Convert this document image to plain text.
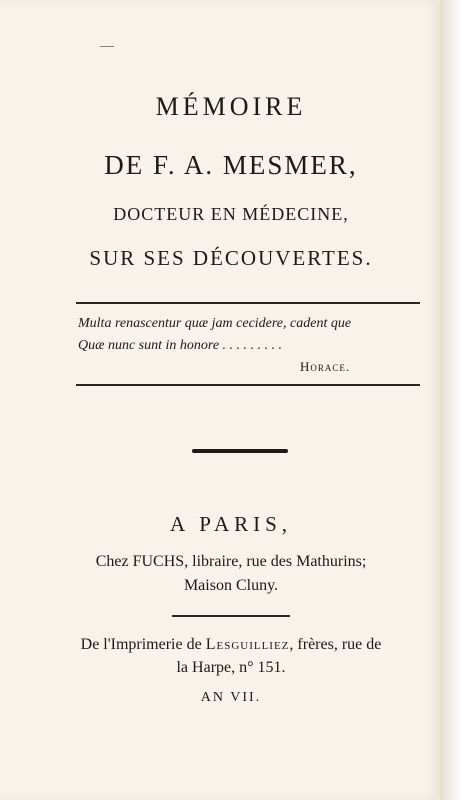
MÉMOIRE
DE F. A. MESMER,
DOCTEUR EN MÉDECINE,
SUR SES DÉCOUVERTES.
Multa renascentur quæ jam cecidere, cadent que
Quæ nunc sunt in honore . . . . . . . . .
Horace.
A PARIS,
Chez FUCHS, libraire, rue des Mathurins;
Maison Cluny.
De l'Imprimerie de Lesguilliez, frères, rue de
la Harpe, n° 151.
AN VII.
